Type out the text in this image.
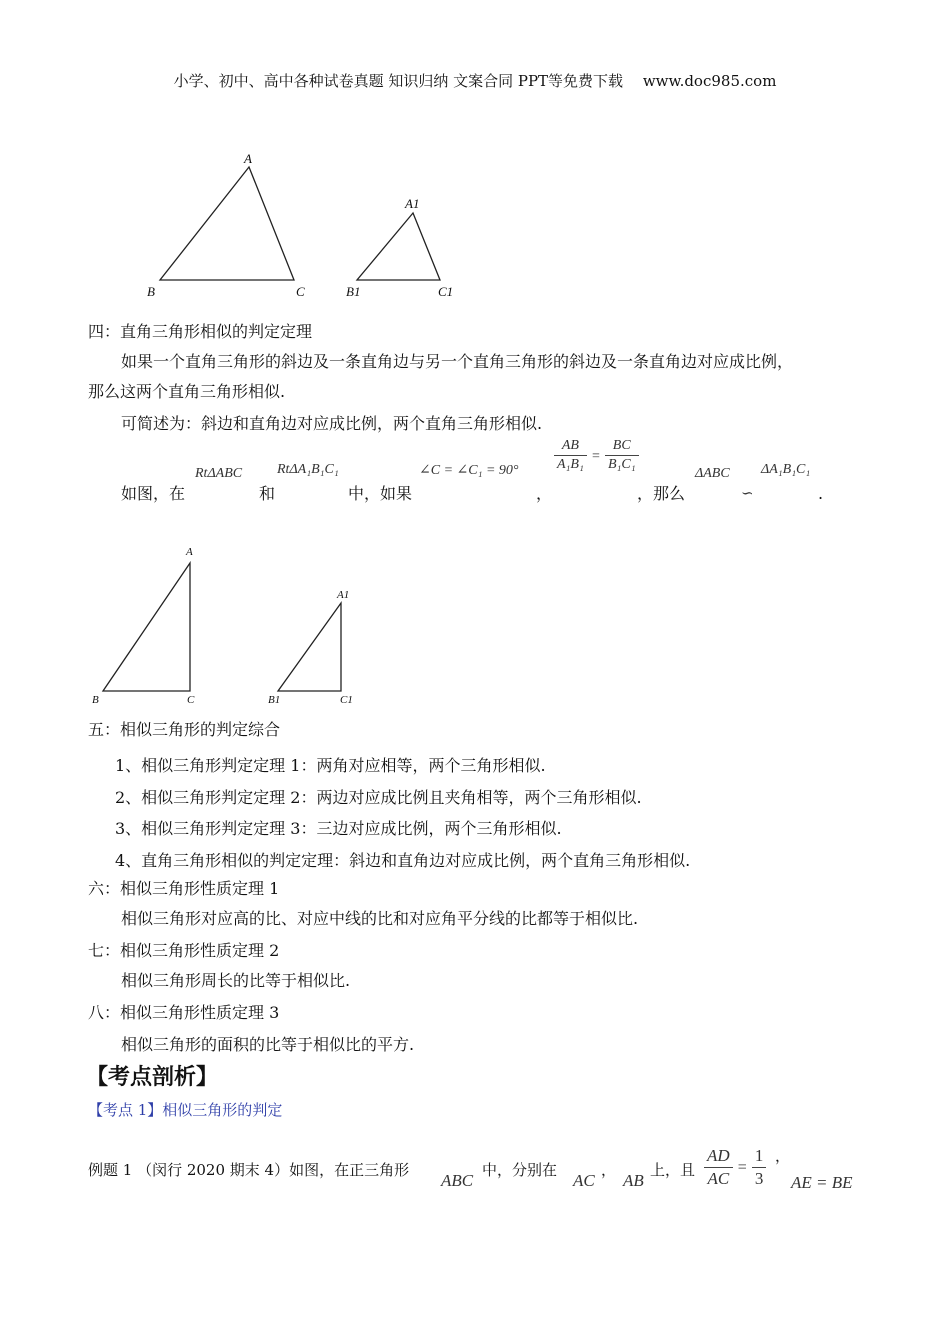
小学、初中、高中各种试卷真题 知识归纳 文案合同 PPT等免费下载　 www.doc985.com
A
B	C
A1
B1	C1
四：直角三角形相似的判定定理
如果一个直角三角形的斜边及一条直角边与另一个直角三角形的斜边及一条直角边对应成比例，
那么这两个直角三角形相似.
可简述为：斜边和直角边对应成比例，两个直角三角形相似.
如图，在
RtΔABC
和
RtΔA₁B₁C₁
中，如果
∠C = ∠C₁ = 90°
，
$\frac{AB}{\text{A₁B₁}} = \frac{BC}{\text{B₁C₁}}$
，那么
ΔABC
∽
ΔA₁B₁C₁
.
A
B	C
A1
B1	C1
五：相似三角形的判定综合
1、相似三角形判定定理 1：两角对应相等，两个三角形相似.
2、相似三角形判定定理 2：两边对应成比例且夹角相等，两个三角形相似.
3、相似三角形判定定理 3：三边对应成比例，两个三角形相似.
4、直角三角形相似的判定定理：斜边和直角边对应成比例，两个直角三角形相似.
六：相似三角形性质定理 1
相似三角形对应高的比、对应中线的比和对应角平分线的比都等于相似比.
七：相似三角形性质定理 2
相似三角形周长的比等于相似比.
八：相似三角形性质定理 3
相似三角形的面积的比等于相似比的平方.
【考点剖析】
【考点 1】相似三角形的判定
例题 1 （闵行 2020 期末 4）如图，在正三角形
ABC
中，分别在
AC
，
AB
上，且 $\frac{AD}{AC} = \frac{1}{3}$ ，
AE = BE
